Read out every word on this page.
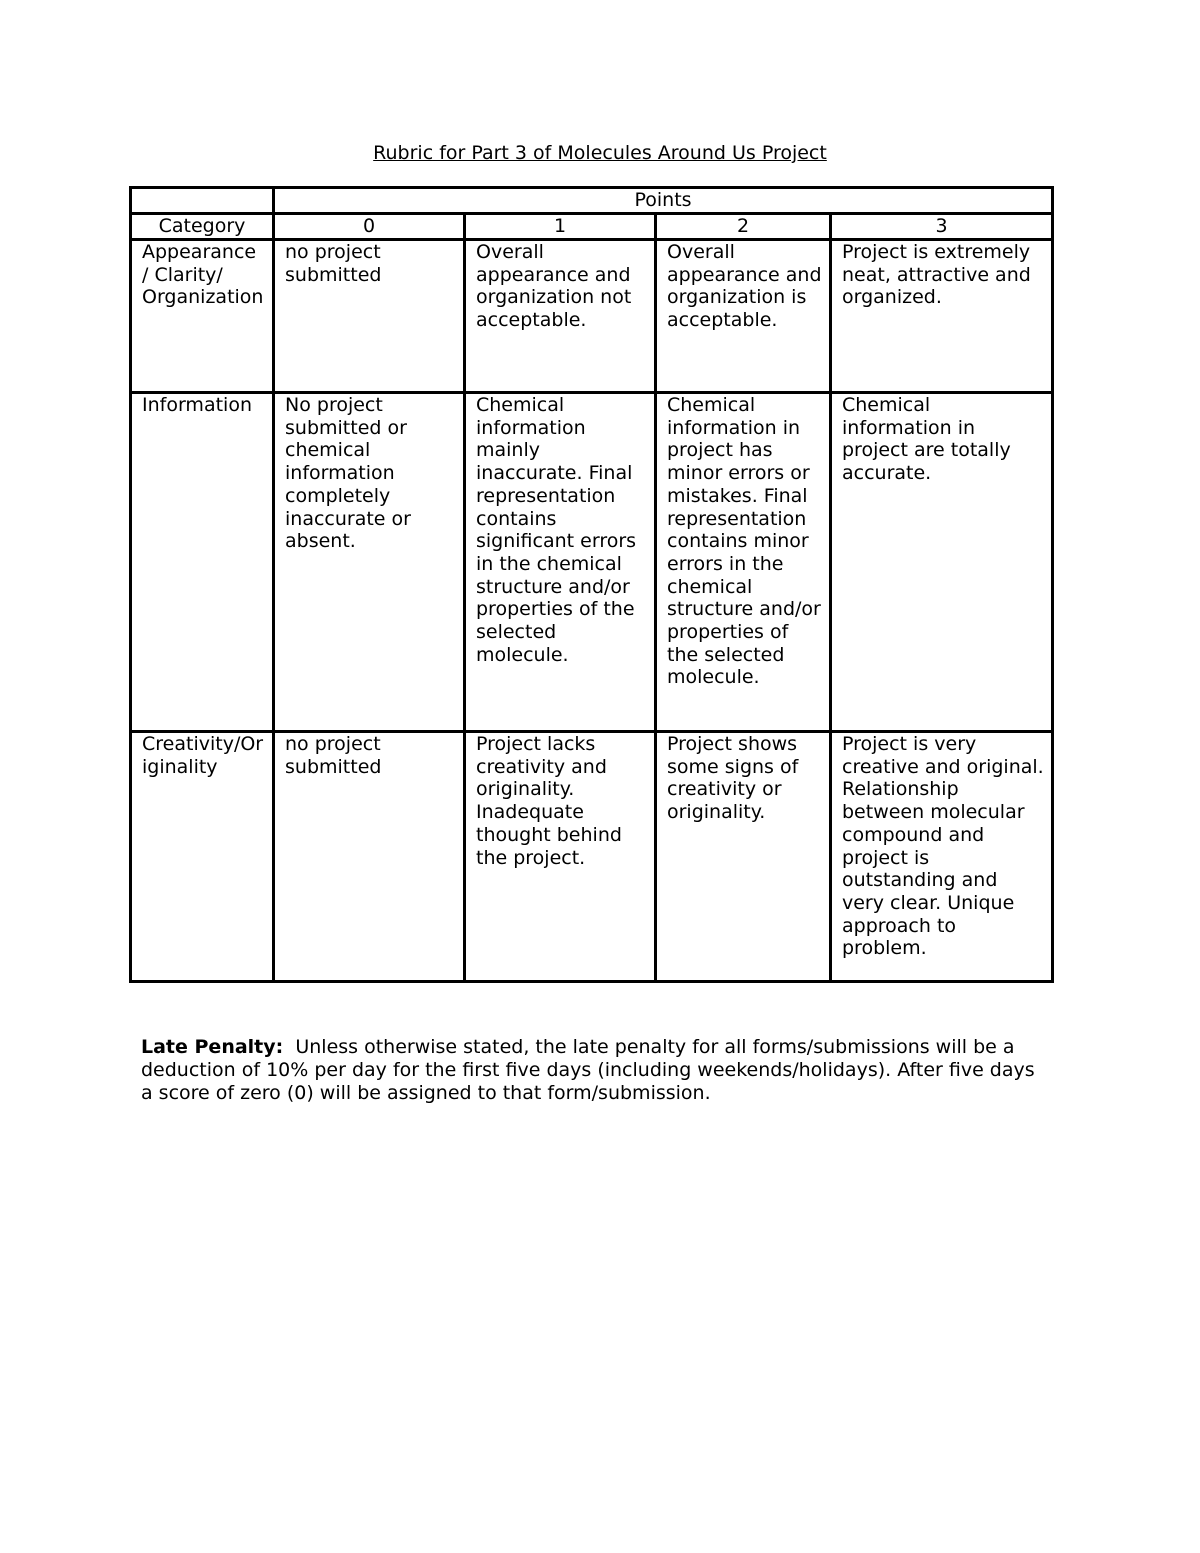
Rubric for Part 3 of Molecules Around Us Project
	Points			
Category	0	1	2	3
Appearance / Clarity/ Organization	no project submitted	Overall appearance and organization not acceptable.	Overall appearance and organization is acceptable.	Project is extremely neat, attractive and organized.
Information	No project submitted or chemical information completely inaccurate or absent.	Chemical information mainly inaccurate. Final representation contains significant errors in the chemical structure and/or properties of the selected molecule.	Chemical information in project has minor errors or mistakes. Final representation contains minor errors in the chemical structure and/or properties of the selected molecule.	Chemical information in project are totally accurate.
Creativity/Originality	no project submitted	Project lacks creativity and originality. Inadequate thought behind the project.	Project shows some signs of creativity or originality.	Project is very creative and original. Relationship between molecular compound and project is outstanding and very clear. Unique approach to problem.
Late Penalty: Unless otherwise stated, the late penalty for all forms/submissions will be a deduction of 10% per day for the first five days (including weekends/holidays). After five days a score of zero (0) will be assigned to that form/submission.
